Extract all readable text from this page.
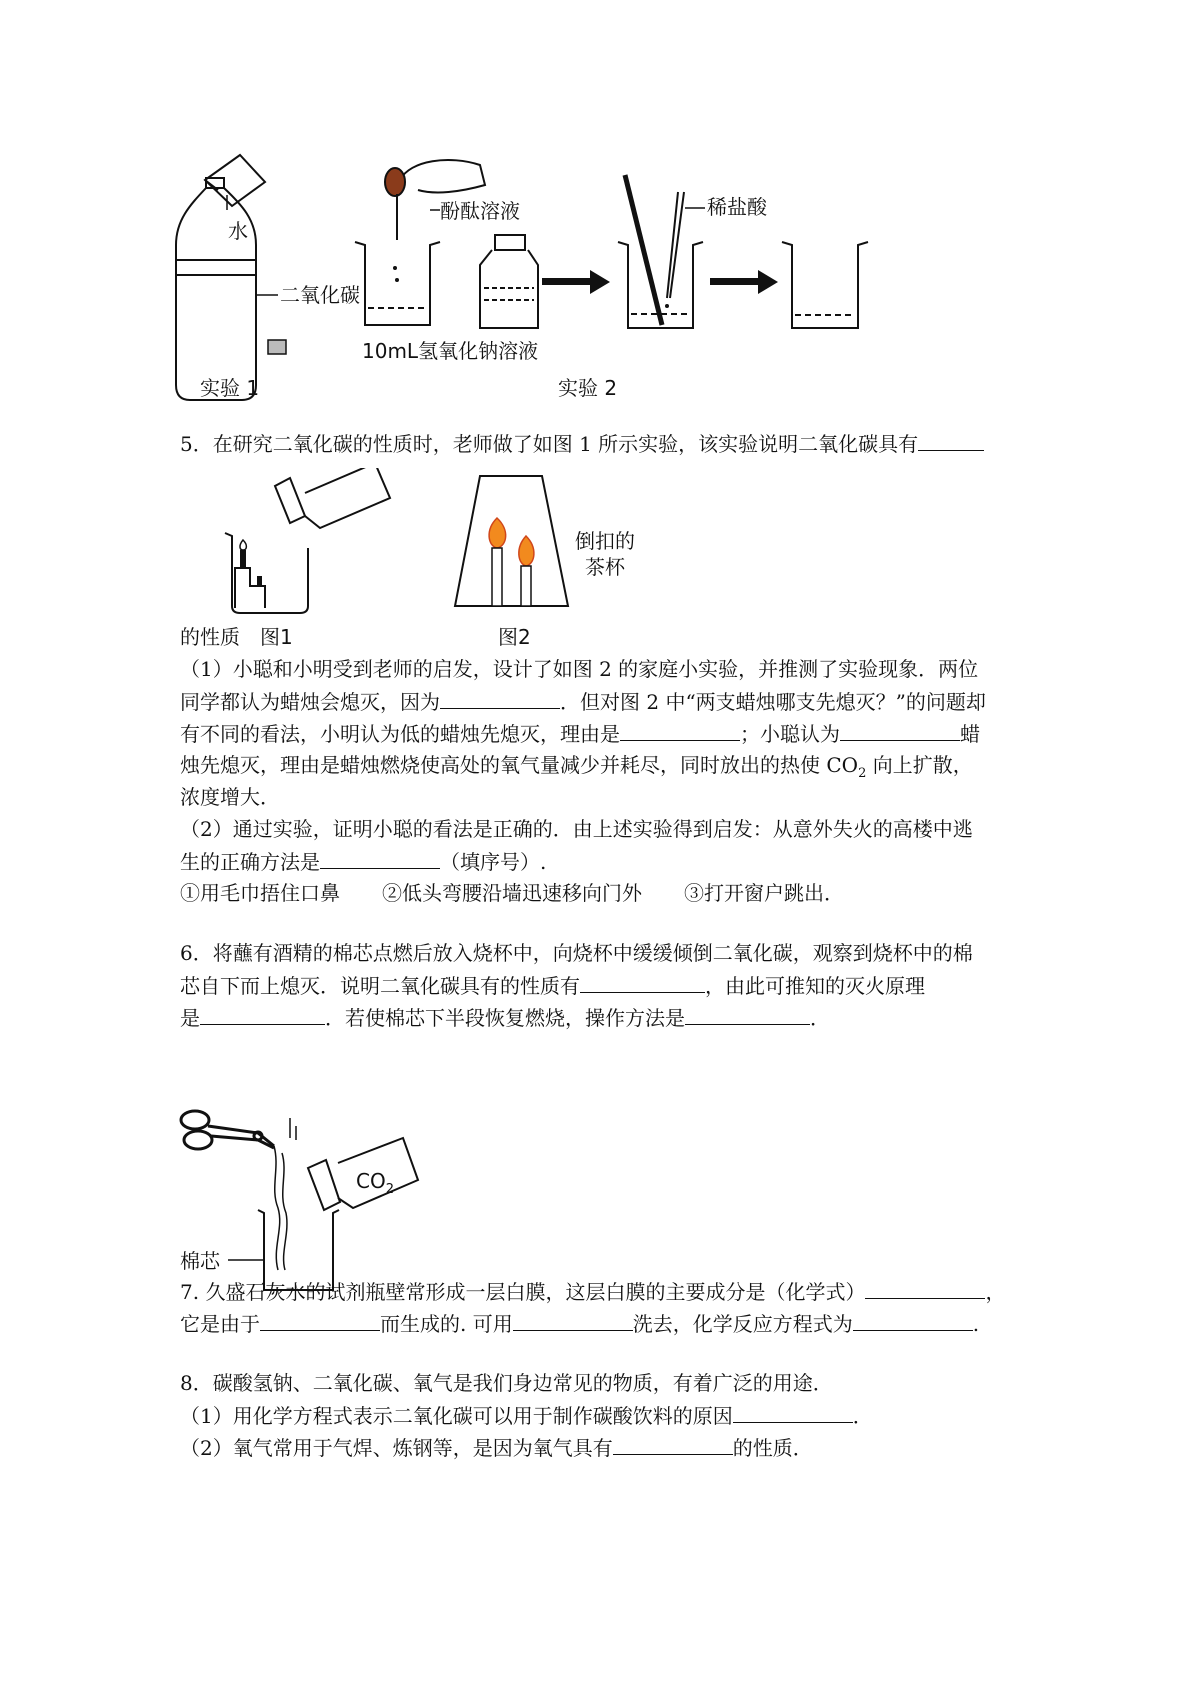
水
二氧化碳
实验 1
酚酞溶液
10mL氢氧化钠溶液
稀盐酸
实验 2
5．在研究二氧化碳的性质时，老师做了如图 1 所示实验，该实验说明二氧化碳具有
图1
倒扣的
茶杯
图2
的性质
（1）小聪和小明受到老师的启发，设计了如图 2 的家庭小实验，并推测了实验现象．两位
同学都认为蜡烛会熄灭，因为	．但对图 2 中“两支蜡烛哪支先熄灭？”的问题却
有不同的看法，小明认为低的蜡烛先熄灭，理由是	；小聪认为	蜡
烛先熄灭，理由是蜡烛燃烧使高处的氧气量减少并耗尽，同时放出的热使 $CO_2$ 向上扩散，
浓度增大．
（2）通过实验，证明小聪的看法是正确的．由上述实验得到启发：从意外失火的高楼中逃
生的正确方法是	（填序号）.
①用毛巾捂住口鼻 ②低头弯腰沿墙迅速移向门外 ③打开窗户跳出．
6．将蘸有酒精的棉芯点燃后放入烧杯中，向烧杯中缓缓倾倒二氧化碳，观察到烧杯中的棉
芯自下而上熄灭．说明二氧化碳具有的性质有	，由此可推知的灭火原理
是	．若使棉芯下半段恢复燃烧，操作方法是	．
$CO_2$
棉芯
7. 久盛石灰水的试剂瓶壁常形成一层白膜，这层白膜的主要成分是（化学式）	，
它是由于	而生成的. 可用	洗去，化学反应方程式为	.
8．碳酸氢钠、二氧化碳、氧气是我们身边常见的物质，有着广泛的用途．
（1）用化学方程式表示二氧化碳可以用于制作碳酸饮料的原因	．
（2）氧气常用于气焊、炼钢等，是因为氧气具有	的性质．
